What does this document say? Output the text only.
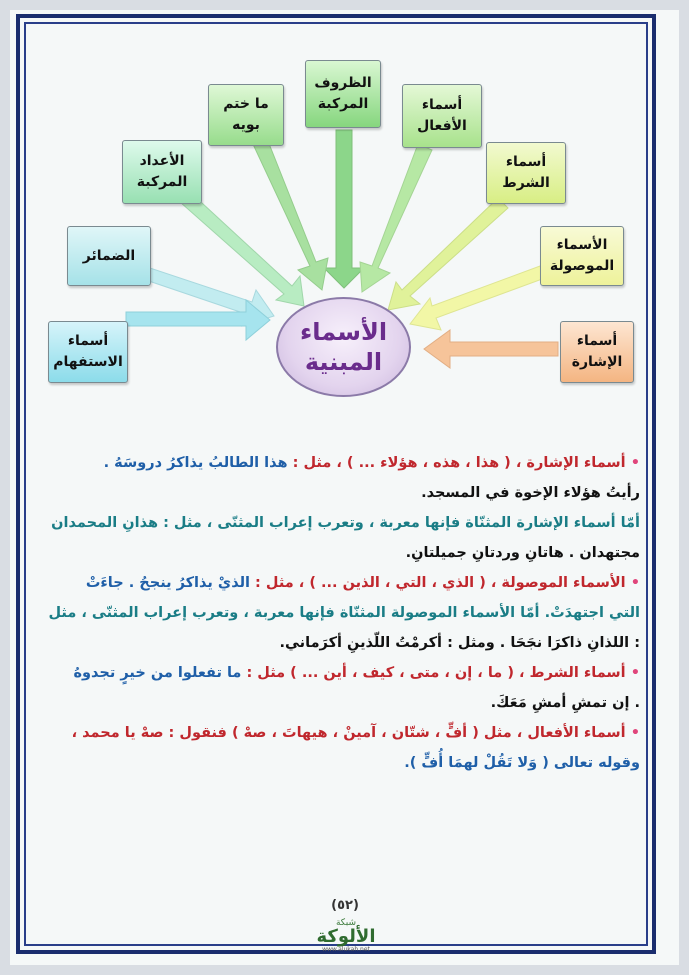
الأسماء
المبنية
الظروف
المركبة
ما ختم
بويه
أسماء
الأفعال
الأعداد
المركبة
أسماء
الشرط
الضمائر
الأسماء
الموصولة
أسماء
الاستفهام
أسماء
الإشارة

• أسماء الإشارة ، ( هذا ، هذه ، هؤلاء ... ) ، مثل : هذا الطالبُ يذاكرُ دروسَهُ .

رأيتُ هؤلاء الإخوة في المسجد.

أمّا أسماء الإشارة المثنّاة فإنها معربة ، وتعرب إعراب المثنّى ، مثل : هذانِ المحمدان

مجتهدان . هاتانِ وردتانِ جميلتانِ.

• الأسماء الموصولة ، ( الذي ، التي ، الذين ... ) ، مثل : الذيْ يذاكرُ ينجحُ . جاءَتْ

التي اجتهدَتْ. أمّا الأسماء الموصولة المثنّاة فإنها معربة ، وتعرب إعراب المثنّى ، مثل

: اللذانِ ذاكرَا نجَحَا . ومثل : أكرمْتُ اللّذينِ أكرَماني.

• أسماء الشرط ، ( ما ، إن ، متى ، كيف ، أين ... ) مثل : ما تفعلوا من خيرٍ تجدوهُ

. إن تمشِ أمشِ مَعَكَ.

• أسماء الأفعال ، مثل ( أفٍّ ، شتّان ، آمينْ ، هيهاتَ ، صهْ ) فنقول : صهْ يا محمد ،

وقوله تعالى ( وَلا تَقُلْ لهمَا أُفٍّ ).

(٥٢)
شبكة
الألوكة
www.alukah.net
